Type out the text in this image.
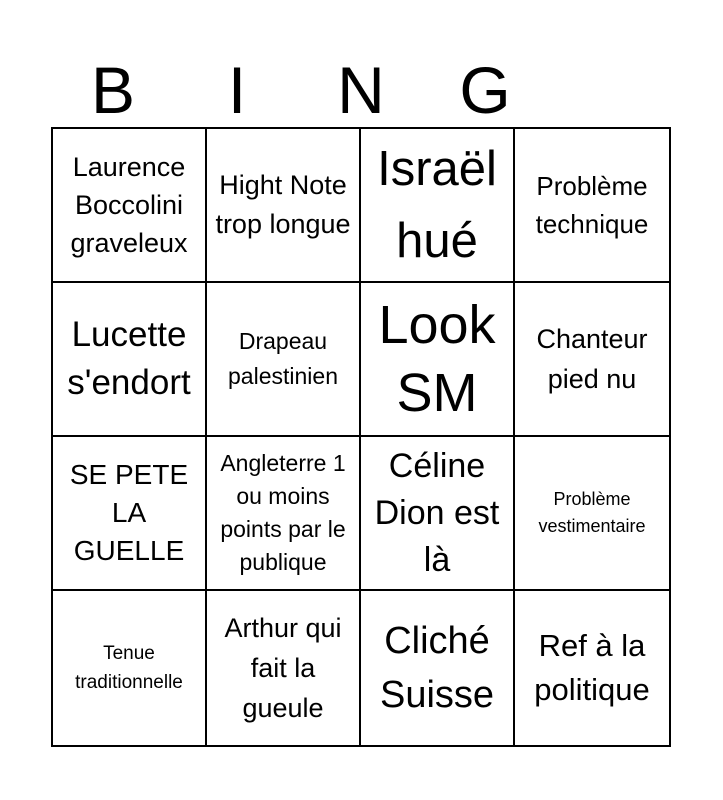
B	I	N	G
Laurence Boccolini graveleux
Hight Note trop longue
Israël hué
Problème technique
Lucette s'endort
Drapeau palestinien
Look SM
Chanteur pied nu
SE PETE LA GUELLE
Angleterre 1 ou moins points par le publique
Céline Dion est là
Problème vestimentaire
Tenue traditionnelle
Arthur qui fait la gueule
Cliché Suisse
Ref à la politique
